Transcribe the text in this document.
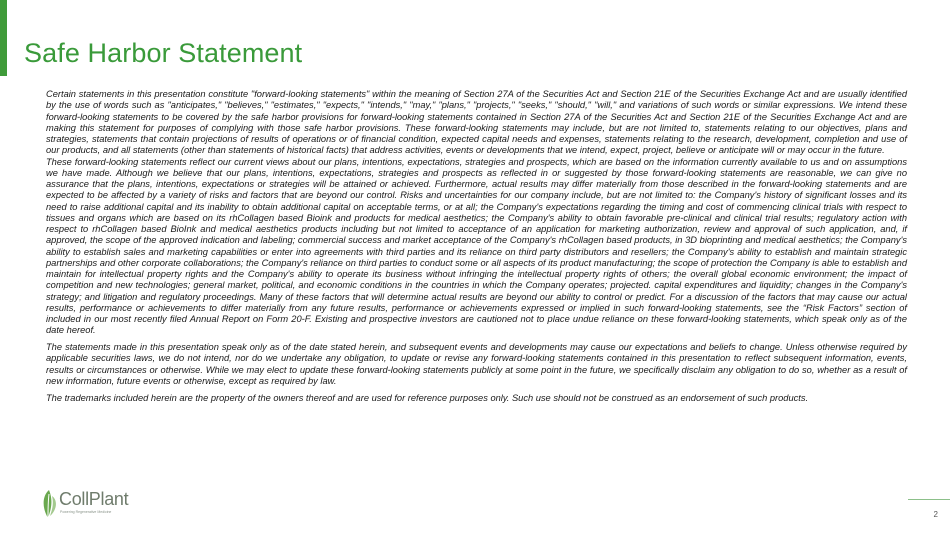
Safe Harbor Statement

Certain statements in this presentation constitute "forward-looking statements" within the meaning of Section 27A of the Securities Act and Section 21E of the Securities Exchange Act and are usually identified by the use of words such as "anticipates," "believes," "estimates," "expects," "intends," "may," "plans," "projects," "seeks," "should," "will," and variations of such words or similar expressions. We intend these forward-looking statements to be covered by the safe harbor provisions for forward-looking statements contained in Section 27A of the Securities Act and Section 21E of the Securities Exchange Act and are making this statement for purposes of complying with those safe harbor provisions. These forward-looking statements may include, but are not limited to, statements relating to our objectives, plans and strategies, statements that contain projections of results of operations or of financial condition, expected capital needs and expenses, statements relating to the research, development, completion and use of our products, and all statements (other than statements of historical facts) that address activities, events or developments that we intend, expect, project, believe or anticipate will or may occur in the future.

These forward-looking statements reflect our current views about our plans, intentions, expectations, strategies and prospects, which are based on the information currently available to us and on assumptions we have made. Although we believe that our plans, intentions, expectations, strategies and prospects as reflected in or suggested by those forward-looking statements are reasonable, we can give no assurance that the plans, intentions, expectations or strategies will be attained or achieved. Furthermore, actual results may differ materially from those described in the forward-looking statements and are expected to be affected by a variety of risks and factors that are beyond our control. Risks and uncertainties for our company include, but are not limited to: the Company's history of significant losses and its need to raise additional capital and its inability to obtain additional capital on acceptable terms, or at all; the Company's expectations regarding the timing and cost of commencing clinical trials with respect to tissues and organs which are based on its rhCollagen based Bioink and products for medical aesthetics; the Company's ability to obtain favorable pre-clinical and clinical trial results; regulatory action with respect to rhCollagen based BioInk and medical aesthetics products including but not limited to acceptance of an application for marketing authorization, review and approval of such application, and, if approved, the scope of the approved indication and labeling; commercial success and market acceptance of the Company's rhCollagen based products, in 3D bioprinting and medical aesthetics; the Company's ability to establish sales and marketing capabilities or enter into agreements with third parties and its reliance on third party distributors and resellers; the Company's ability to establish and maintain strategic partnerships and other corporate collaborations; the Company's reliance on third parties to conduct some or all aspects of its product manufacturing; the scope of protection the Company is able to establish and maintain for intellectual property rights and the Company's ability to operate its business without infringing the intellectual property rights of others; the overall global economic environment; the impact of competition and new technologies; general market, political, and economic conditions in the countries in which the Company operates; projected. capital expenditures and liquidity; changes in the Company's strategy; and litigation and regulatory proceedings. Many of these factors that will determine actual results are beyond our ability to control or predict. For a discussion of the factors that may cause our actual results, performance or achievements to differ materially from any future results, performance or achievements expressed or implied in such forward-looking statements, see the “Risk Factors” section of included in our most recently filed Annual Report on Form 20-F. Existing and prospective investors are cautioned not to place undue reliance on these forward-looking statements, which speak only as of the date hereof.

The statements made in this presentation speak only as of the date stated herein, and subsequent events and developments may cause our expectations and beliefs to change. Unless otherwise required by applicable securities laws, we do not intend, nor do we undertake any obligation, to update or revise any forward-looking statements contained in this presentation to reflect subsequent information, events, results or circumstances or otherwise. While we may elect to update these forward-looking statements publicly at some point in the future, we specifically disclaim any obligation to do so, whether as a result of new information, future events or otherwise, except as required by law.

The trademarks included herein are the property of the owners thereof and are used for reference purposes only. Such use should not be construed as an endorsement of such products.

CollPlant
Powering Regenerative Medicine	2
